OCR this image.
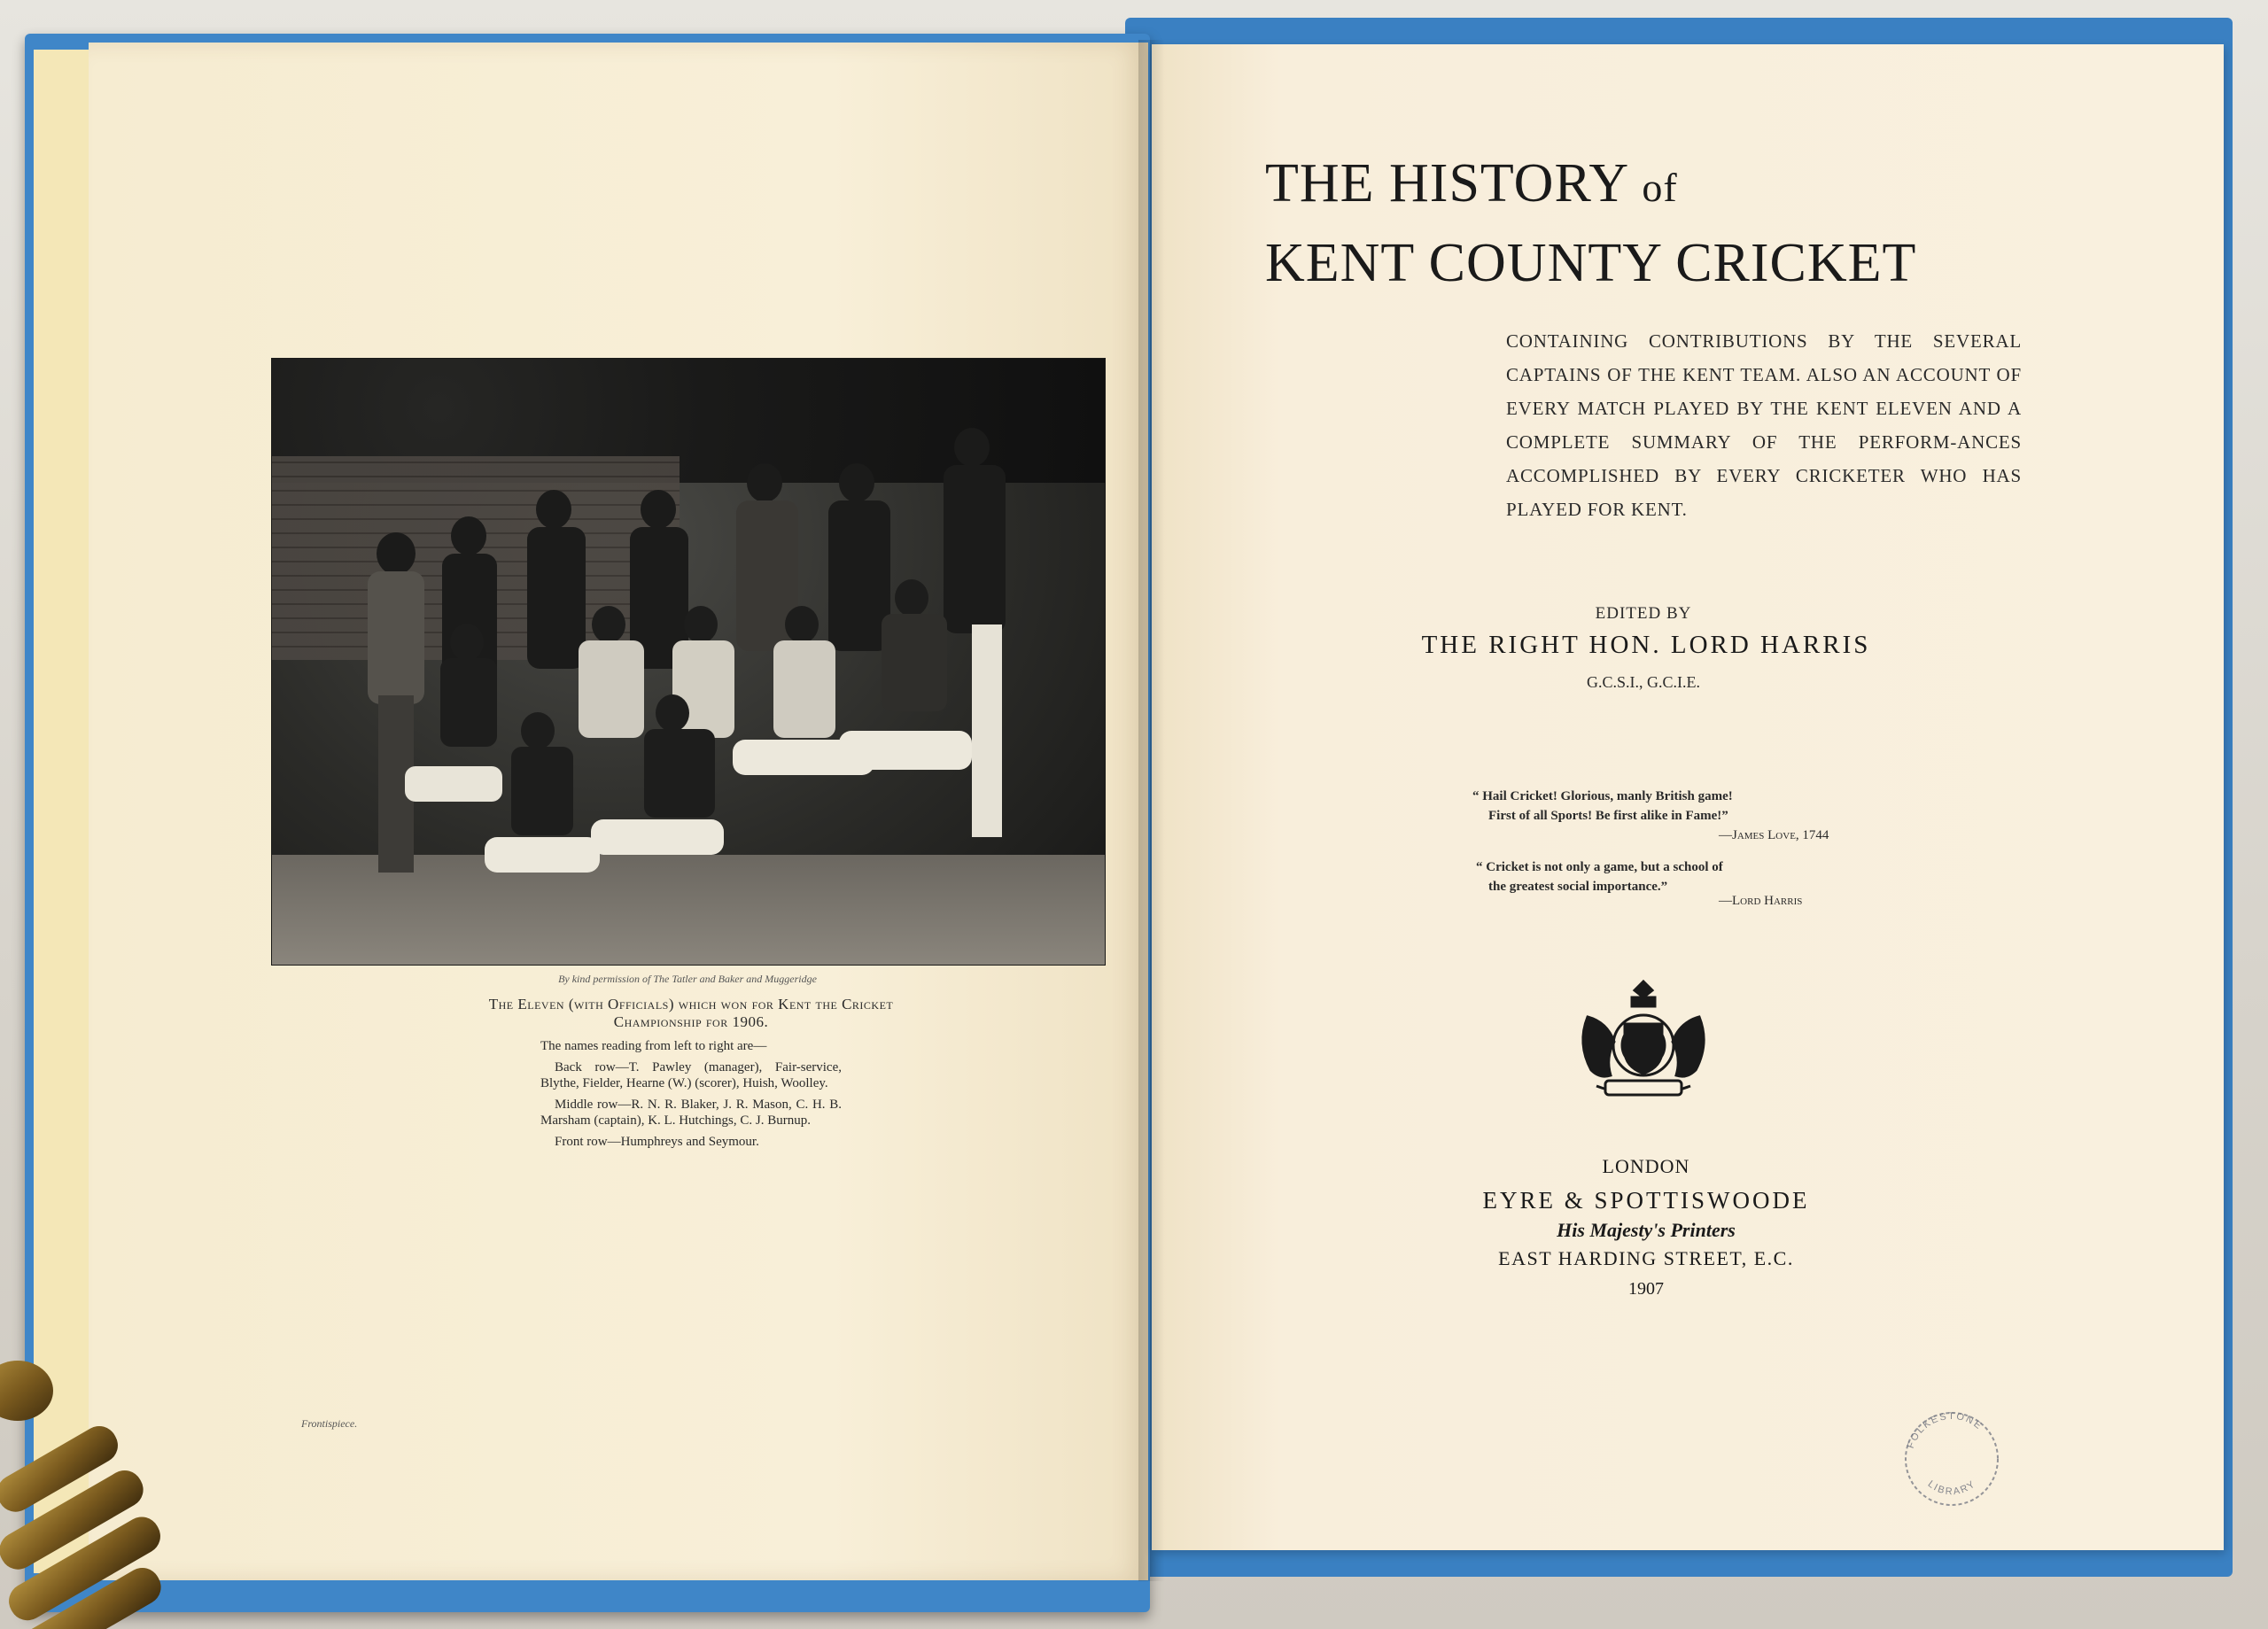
By kind permission of The Tatler and Baker and Muggeridge
The Eleven (with Officials) which won for Kent the Cricket
Championship for 1906.

The names reading from left to right are—

Back row—T. Pawley (manager), Fair-service, Blythe, Fielder, Hearne (W.) (scorer), Huish, Woolley.

Middle row—R. N. R. Blaker, J. R. Mason, C. H. B. Marsham (captain), K. L. Hutchings, C. J. Burnup.

Front row—Humphreys and Seymour.

Frontispiece.
THE HISTORY of
KENT COUNTY CRICKET
CONTAINING CONTRIBUTIONS BY THE SEVERAL CAPTAINS OF THE KENT TEAM. ALSO AN ACCOUNT OF EVERY MATCH PLAYED BY THE KENT ELEVEN AND A COMPLETE SUMMARY OF THE PERFORM-ANCES ACCOMPLISHED BY EVERY CRICKETER WHO HAS PLAYED FOR KENT.
EDITED BY
THE RIGHT HON. LORD HARRIS
G.C.S.I., G.C.I.E.
“ Hail Cricket! Glorious, manly British game!
First of all Sports! Be first alike in Fame!”
—James Love, 1744
“ Cricket is not only a game, but a school of
the greatest social importance.”
—Lord Harris
LONDON
EYRE & SPOTTISWOODE
His Majesty's Printers
EAST HARDING STREET, E.C.
1907
FOLKESTONE
LIBRARY
